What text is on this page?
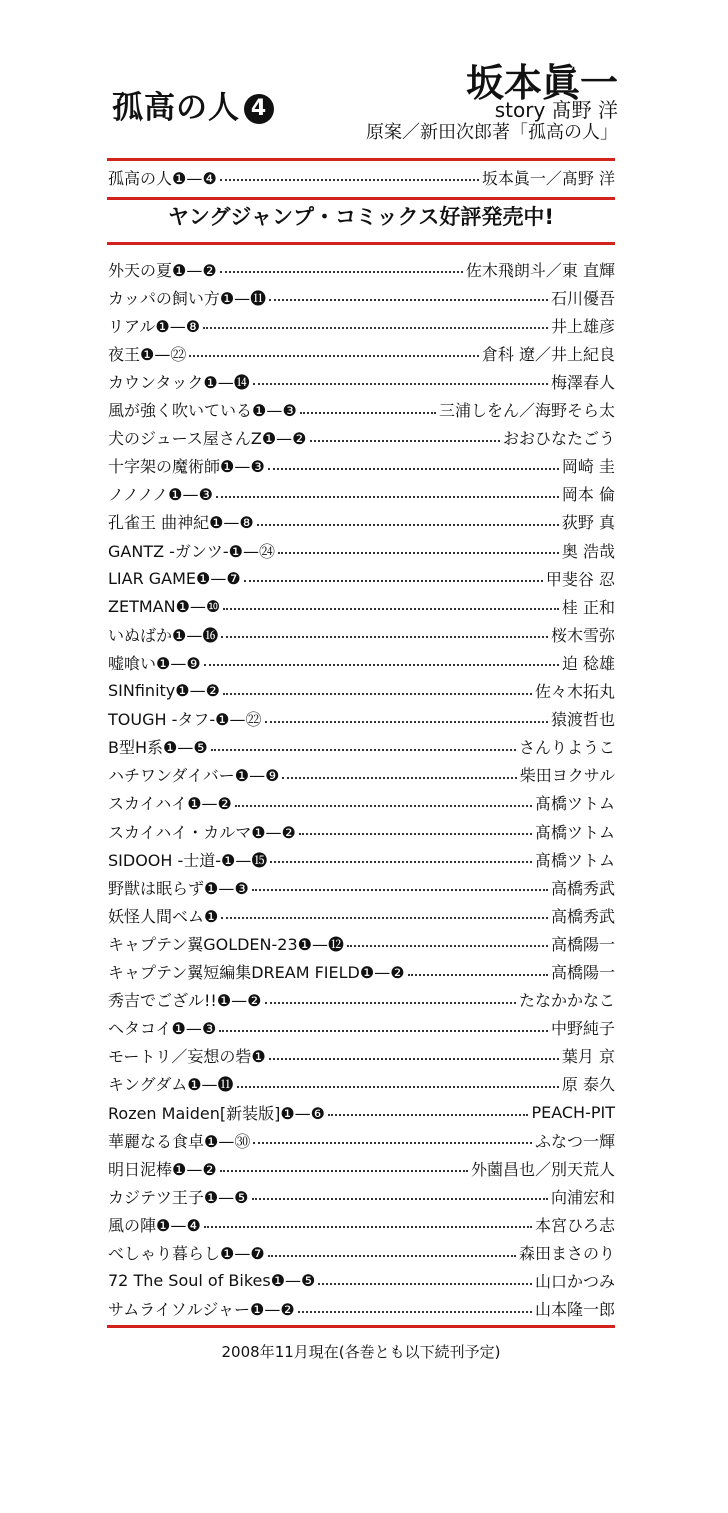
孤高の人 4
坂本眞一
story 髙野 洋
原案／新田次郎著「孤高の人」
孤高の人❶—❹	坂本眞一／髙野 洋
ヤングジャンプ・コミックス好評発売中!
外天の夏❶—❷	佐木飛朗斗／東 直輝
カッパの飼い方❶—⓫	石川優吾
リアル❶—❽	井上雄彦
夜王❶—㉒	倉科 遼／井上紀良
カウンタック❶—⓮	梅澤春人
風が強く吹いている❶—❸	三浦しをん／海野そら太
犬のジュース屋さんZ❶—❷	おおひなたごう
十字架の魔術師❶—❸	岡崎 圭
ノノノノ❶—❸	岡本 倫
孔雀王 曲神紀❶—❽	荻野 真
GANTZ -ガンツ-❶—㉔	奥 浩哉
LIAR GAME❶—❼	甲斐谷 忍
ZETMAN❶—❿	桂 正和
いぬばか❶—⓰	桜木雪弥
嘘喰い❶—❾	迫 稔雄
SINfinity❶—❷	佐々木拓丸
TOUGH -タフ-❶—㉒	猿渡哲也
B型H系❶—❺	さんりようこ
ハチワンダイバー❶—❾	柴田ヨクサル
スカイハイ❶—❷	髙橋ツトム
スカイハイ・カルマ❶—❷	髙橋ツトム
SIDOOH -士道-❶—⓯	髙橋ツトム
野獣は眠らず❶—❸	高橋秀武
妖怪人間ベム❶	高橋秀武
キャプテン翼GOLDEN-23❶—⓬	高橋陽一
キャプテン翼短編集DREAM FIELD❶—❷	高橋陽一
秀吉でござル!!❶—❷	たなかかなこ
ヘタコイ❶—❸	中野純子
モートリ／妄想の砦❶	葉月 京
キングダム❶—⓫	原 泰久
Rozen Maiden[新装版]❶—❻	PEACH-PIT
華麗なる食卓❶—㉚	ふなつ一輝
明日泥棒❶—❷	外薗昌也／別天荒人
カジテツ王子❶—❺	向浦宏和
風の陣❶—❹	本宮ひろ志
べしゃり暮らし❶—❼	森田まさのり
72 The Soul of Bikes❶—❺	山口かつみ
サムライソルジャー❶—❷	山本隆一郎
2008年11月現在(各巻とも以下続刊予定)
